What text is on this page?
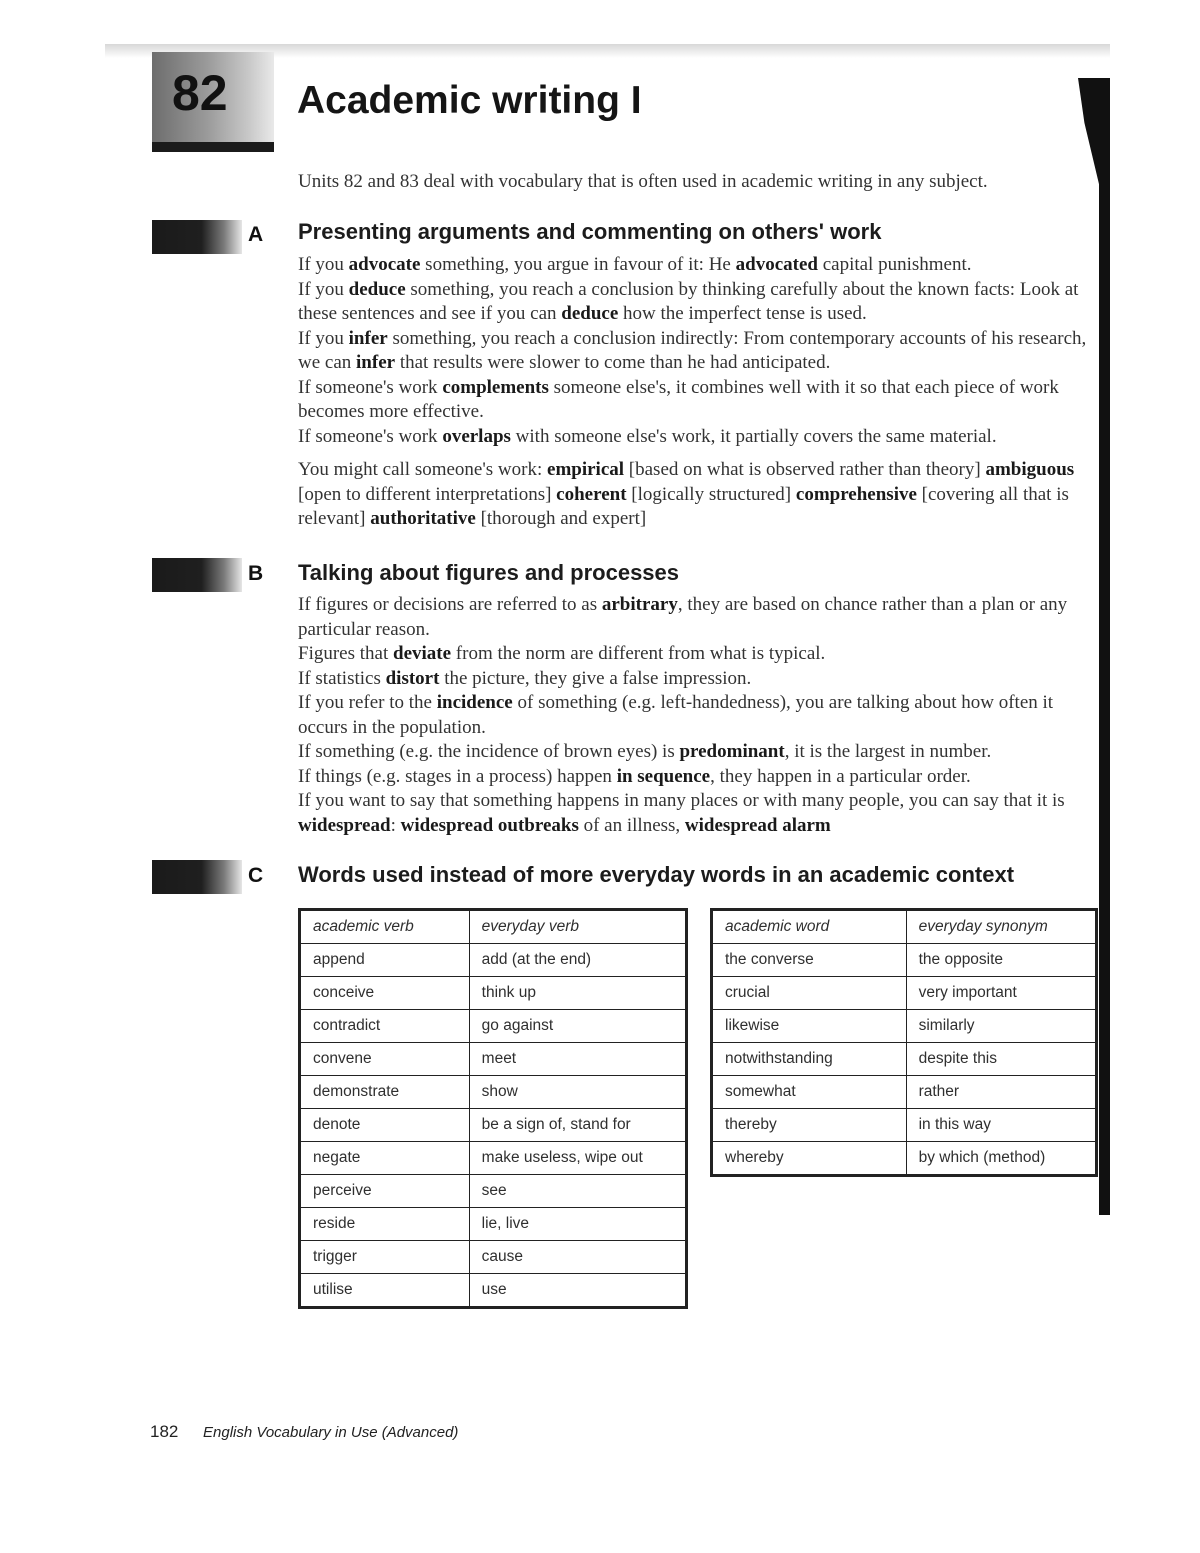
82 Academic writing I
Units 82 and 83 deal with vocabulary that is often used in academic writing in any subject.
A Presenting arguments and commenting on others' work

If you advocate something, you argue in favour of it: He advocated capital punishment.

If you deduce something, you reach a conclusion by thinking carefully about the known facts: Look at these sentences and see if you can deduce how the imperfect tense is used.

If you infer something, you reach a conclusion indirectly: From contemporary accounts of his research, we can infer that results were slower to come than he had anticipated.

If someone's work complements someone else's, it combines well with it so that each piece of work becomes more effective.

If someone's work overlaps with someone else's work, it partially covers the same material.

You might call someone's work: empirical [based on what is observed rather than theory] ambiguous [open to different interpretations] coherent [logically structured] comprehensive [covering all that is relevant] authoritative [thorough and expert]

B Talking about figures and processes

If figures or decisions are referred to as arbitrary, they are based on chance rather than a plan or any particular reason.

Figures that deviate from the norm are different from what is typical.

If statistics distort the picture, they give a false impression.

If you refer to the incidence of something (e.g. left-handedness), you are talking about how often it occurs in the population.

If something (e.g. the incidence of brown eyes) is predominant, it is the largest in number.

If things (e.g. stages in a process) happen in sequence, they happen in a particular order.

If you want to say that something happens in many places or with many people, you can say that it is widespread: widespread outbreaks of an illness, widespread alarm

C Words used instead of more everyday words in an academic context
academic verb	everyday verb
append	add (at the end)
conceive	think up
contradict	go against
convene	meet
demonstrate	show
denote	be a sign of, stand for
negate	make useless, wipe out
perceive	see
reside	lie, live
trigger	cause
utilise	use
academic word	everyday synonym
the converse	the opposite
crucial	very important
likewise	similarly
notwithstanding	despite this
somewhat	rather
thereby	in this way
whereby	by which (method)
182 English Vocabulary in Use (Advanced)
